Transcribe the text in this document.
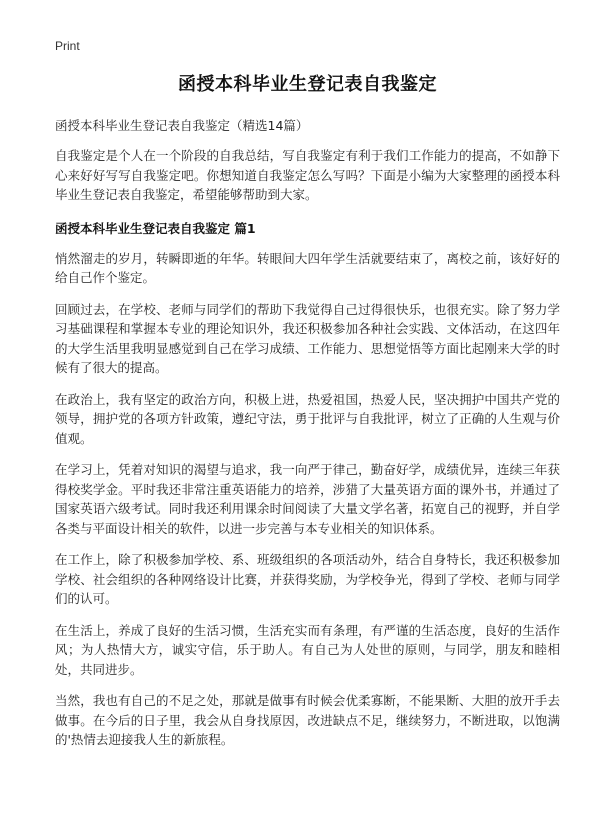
Print
函授本科毕业生登记表自我鉴定

函授本科毕业生登记表自我鉴定（精选14篇）

自我鉴定是个人在一个阶段的自我总结，写自我鉴定有利于我们工作能力的提高，不如静下心来好好写写自我鉴定吧。你想知道自我鉴定怎么写吗？下面是小编为大家整理的函授本科毕业生登记表自我鉴定，希望能够帮助到大家。

函授本科毕业生登记表自我鉴定 篇1

悄然溜走的岁月，转瞬即逝的年华。转眼间大四年学生活就要结束了，离校之前，该好好的给自己作个鉴定。

回顾过去，在学校、老师与同学们的帮助下我觉得自己过得很快乐，也很充实。除了努力学习基础课程和掌握本专业的理论知识外，我还积极参加各种社会实践、文体活动，在这四年的大学生活里我明显感觉到自己在学习成绩、工作能力、思想觉悟等方面比起刚来大学的时候有了很大的提高。

在政治上，我有坚定的政治方向，积极上进，热爱祖国，热爱人民，坚决拥护中国共产党的领导，拥护党的各项方针政策，遵纪守法，勇于批评与自我批评，树立了正确的人生观与价值观。

在学习上，凭着对知识的渴望与追求，我一向严于律己，勤奋好学，成绩优异，连续三年获得校奖学金。平时我还非常注重英语能力的培养，涉猎了大量英语方面的课外书，并通过了国家英语六级考试。同时我还利用课余时间阅读了大量文学名著，拓宽自己的视野，并自学各类与平面设计相关的软件，以进一步完善与本专业相关的知识体系。

在工作上，除了积极参加学校、系、班级组织的各项活动外，结合自身特长，我还积极参加学校、社会组织的各种网络设计比赛，并获得奖励，为学校争光，得到了学校、老师与同学们的认可。

在生活上，养成了良好的生活习惯，生活充实而有条理，有严谨的生活态度，良好的生活作风；为人热情大方，诚实守信，乐于助人。有自己为人处世的原则，与同学，朋友和睦相处，共同进步。

当然，我也有自己的不足之处，那就是做事有时候会优柔寡断，不能果断、大胆的放开手去做事。在今后的日子里，我会从自身找原因，改进缺点不足，继续努力，不断进取，以饱满的'热情去迎接我人生的新旅程。
